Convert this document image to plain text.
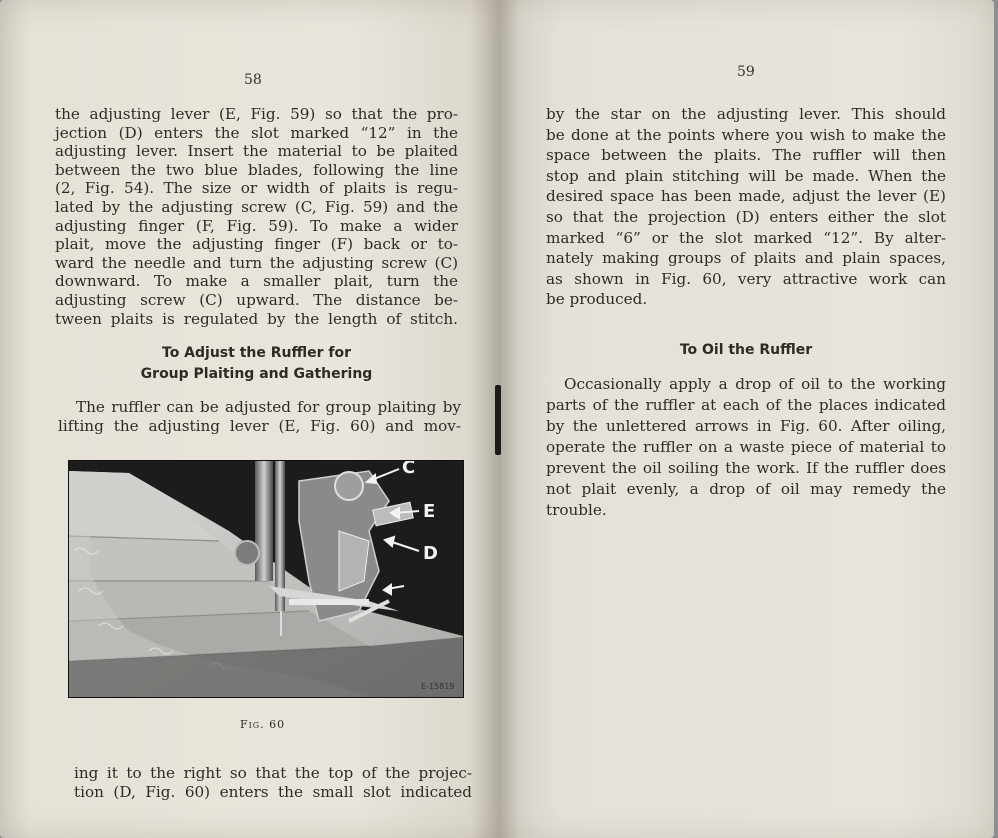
58
the adjusting lever (E, Fig. 59) so that the pro-
jection (D) enters the slot marked “12” in the
adjusting lever. Insert the material to be plaited
between the two blue blades, following the line
(2, Fig. 54). The size or width of plaits is regu-
lated by the adjusting screw (C, Fig. 59) and the
adjusting finger (F, Fig. 59). To make a wider
plait, move the adjusting finger (F) back or to-
ward the needle and turn the adjusting screw (C)
downward. To make a smaller plait, turn the
adjusting screw (C) upward. The distance be-
tween plaits is regulated by the length of stitch.
To Adjust the Ruffler for
Group Plaiting and Gathering
The ruffler can be adjusted for group plaiting by
lifting the adjusting lever (E, Fig. 60) and mov-
C
E
D
E-15819
Fig. 60
ing it to the right so that the top of the projec-
tion (D, Fig. 60) enters the small slot indicated
59
by the star on the adjusting lever. This should
be done at the points where you wish to make the
space between the plaits. The ruffler will then
stop and plain stitching will be made. When the
desired space has been made, adjust the lever (E)
so that the projection (D) enters either the slot
marked “6” or the slot marked “12”. By alter-
nately making groups of plaits and plain spaces,
as shown in Fig. 60, very attractive work can
be produced.
To Oil the Ruffler
Occasionally apply a drop of oil to the working
parts of the ruffler at each of the places indicated
by the unlettered arrows in Fig. 60. After oiling,
operate the ruffler on a waste piece of material to
prevent the oil soiling the work. If the ruffler does
not plait evenly, a drop of oil may remedy the
trouble.
